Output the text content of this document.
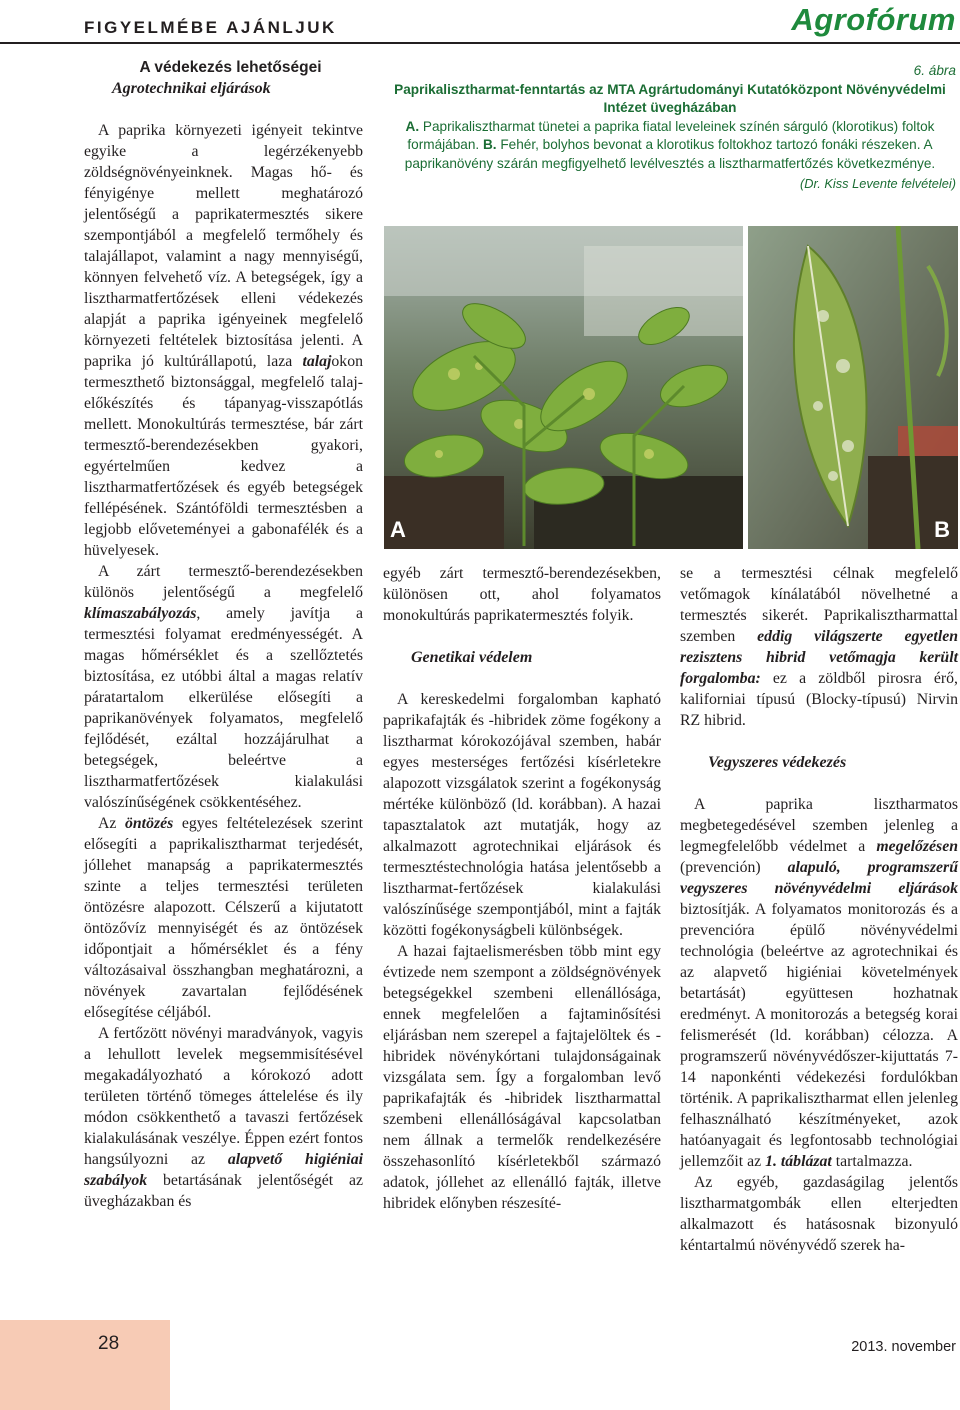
FIGYELMÉBE AJÁNLJUK	Agrofórum

A védekezés lehetőségei

Agrotechnikai eljárások

A paprika környezeti igényeit tekintve egyike a legérzékenyebb zöldségnövényeinknek. Magas hő- és fényigénye mellett meghatározó jelentőségű a paprikatermesztés sikere szempontjából a megfelelő termőhely és talajállapot, valamint a nagy mennyiségű, könnyen felvehető víz. A betegségek, így a lisztharmatfertőzések elleni védekezés alapját a paprika igényeinek megfelelő környezeti feltételek biztosítása jelenti. A paprika jó kultúrállapotú, laza talajokon termeszthető biztonsággal, megfelelő talaj-előkészítés és tápanyag-visszapótlás mellett. Monokultúrás termesztése, bár zárt termesztő-berendezésekben gyakori, egyértelműen kedvez a lisztharmatfertőzések és egyéb betegségek fellépésének. Szántóföldi termesztésben a legjobb előveteményei a gabonafélék és a hüvelyesek.

A zárt termesztő-berendezésekben különös jelentőségű a megfelelő klímaszabályozás, amely javítja a termesztési folyamat eredményességét. A magas hőmérséklet és a szellőztetés biztosítása, ez utóbbi által a magas relatív páratartalom elkerülése elősegíti a paprikanövények folyamatos, megfelelő fejlődését, ezáltal hozzájárulhat a betegségek, beleértve a lisztharmatfertőzések kialakulási valószínűségének csökkentéséhez.

Az öntözés egyes feltételezések szerint elősegíti a paprikalisztharmat terjedését, jóllehet manapság a paprikatermesztés szinte a teljes termesztési területen öntözésre alapozott. Célszerű a kijutatott öntözővíz mennyiségét és az öntözések időpontjait a hőmérséklet és a fény változásaival összhangban meghatározni, a növények zavartalan fejlődésének elősegítése céljából.

A fertőzött növényi maradványok, vagyis a lehullott levelek megsemmisítésével megakadályozható a kórokozó adott területen történő tömeges áttelelése és ily módon csökkenthető a tavaszi fertőzések kialakulásának veszélye. Éppen ezért fontos hangsúlyozni az alapvető higiéniai szabályok betartásának jelentőségét az üvegházakban és

6. ábra
Paprikalisztharmat-fenntartás az MTA Agrártudományi Kutatóközpont Növényvédelmi Intézet üvegházában
A. Paprikalisztharmat tünetei a paprika fiatal leveleinek színén sárguló (klorotikus) foltok formájában. B. Fehér, bolyhos bevonat a klorotikus foltokhoz tartozó fonáki részeken. A paprikanövény szárán megfigyelhető levélvesztés a lisztharmatfertőzés következménye.
(Dr. Kiss Levente felvételei)
A	B

egyéb zárt termesztő-berendezésekben, különösen ott, ahol folyamatos monokultúrás paprikatermesztés folyik.

Genetikai védelem

A kereskedelmi forgalomban kapható paprikafajták és -hibridek zöme fogékony a lisztharmat kórokozójával szemben, habár egyes mesterséges fertőzési kísérletekre alapozott vizsgálatok szerint a fogékonyság mértéke különböző (ld. korábban). A hazai tapasztalatok azt mutatják, hogy az alkalmazott agrotechnikai eljárások és termesztéstechnológia hatása jelentősebb a lisztharmat-fertőzések kialakulási valószínűsége szempontjából, mint a fajták közötti fogékonyságbeli különbségek.

A hazai fajtaelismerésben több mint egy évtizede nem szempont a zöldségnövények betegségekkel szembeni ellenállósága, ennek megfelelően a fajtaminősítési eljárásban nem szerepel a fajtajelöltek és -hibridek növénykórtani tulajdonságainak vizsgálata sem. Így a forgalomban levő paprikafajták és -hibridek lisztharmattal szembeni ellenállóságával kapcsolatban nem állnak a termelők rendelkezésére összehasonlító kísérletekből származó adatok, jóllehet az ellenálló fajták, illetve hibridek előnyben részesíté-

se a termesztési célnak megfelelő vetőmagok kínálatából növelhetné a termesztés sikerét. Paprikalisztharmattal szemben eddig világszerte egyetlen rezisztens hibrid vetőmagja került forgalomba: ez a zöldből pirosra érő, kaliforniai típusú (Blocky-típusú) Nirvin RZ hibrid.

Vegyszeres védekezés

A paprika lisztharmatos megbetegedésével szemben jelenleg a legmegfelelőbb védelmet a megelőzésen (prevención) alapuló, programszerű vegyszeres növényvédelmi eljárások biztosítják. A folyamatos monitorozás és a prevencióra épülő növényvédelmi technológia (beleértve az agrotechnikai és az alapvető higiéniai követelmények betartását) együttesen hozhatnak eredményt. A monitorozás a betegség korai felismerését (ld. korábban) célozza. A programszerű növényvédőszer-kijuttatás 7-14 naponkénti védekezési fordulókban történik. A paprikalisztharmat ellen jelenleg felhasználható készítményeket, azok hatóanyagait és legfontosabb technológiai jellemzőit az 1. táblázat tartalmazza.

Az egyéb, gazdaságilag jelentős lisztharmatgombák ellen elterjedten alkalmazott és hatásosnak bizonyuló kéntartalmú növényvédő szerek ha-

28	2013. november
